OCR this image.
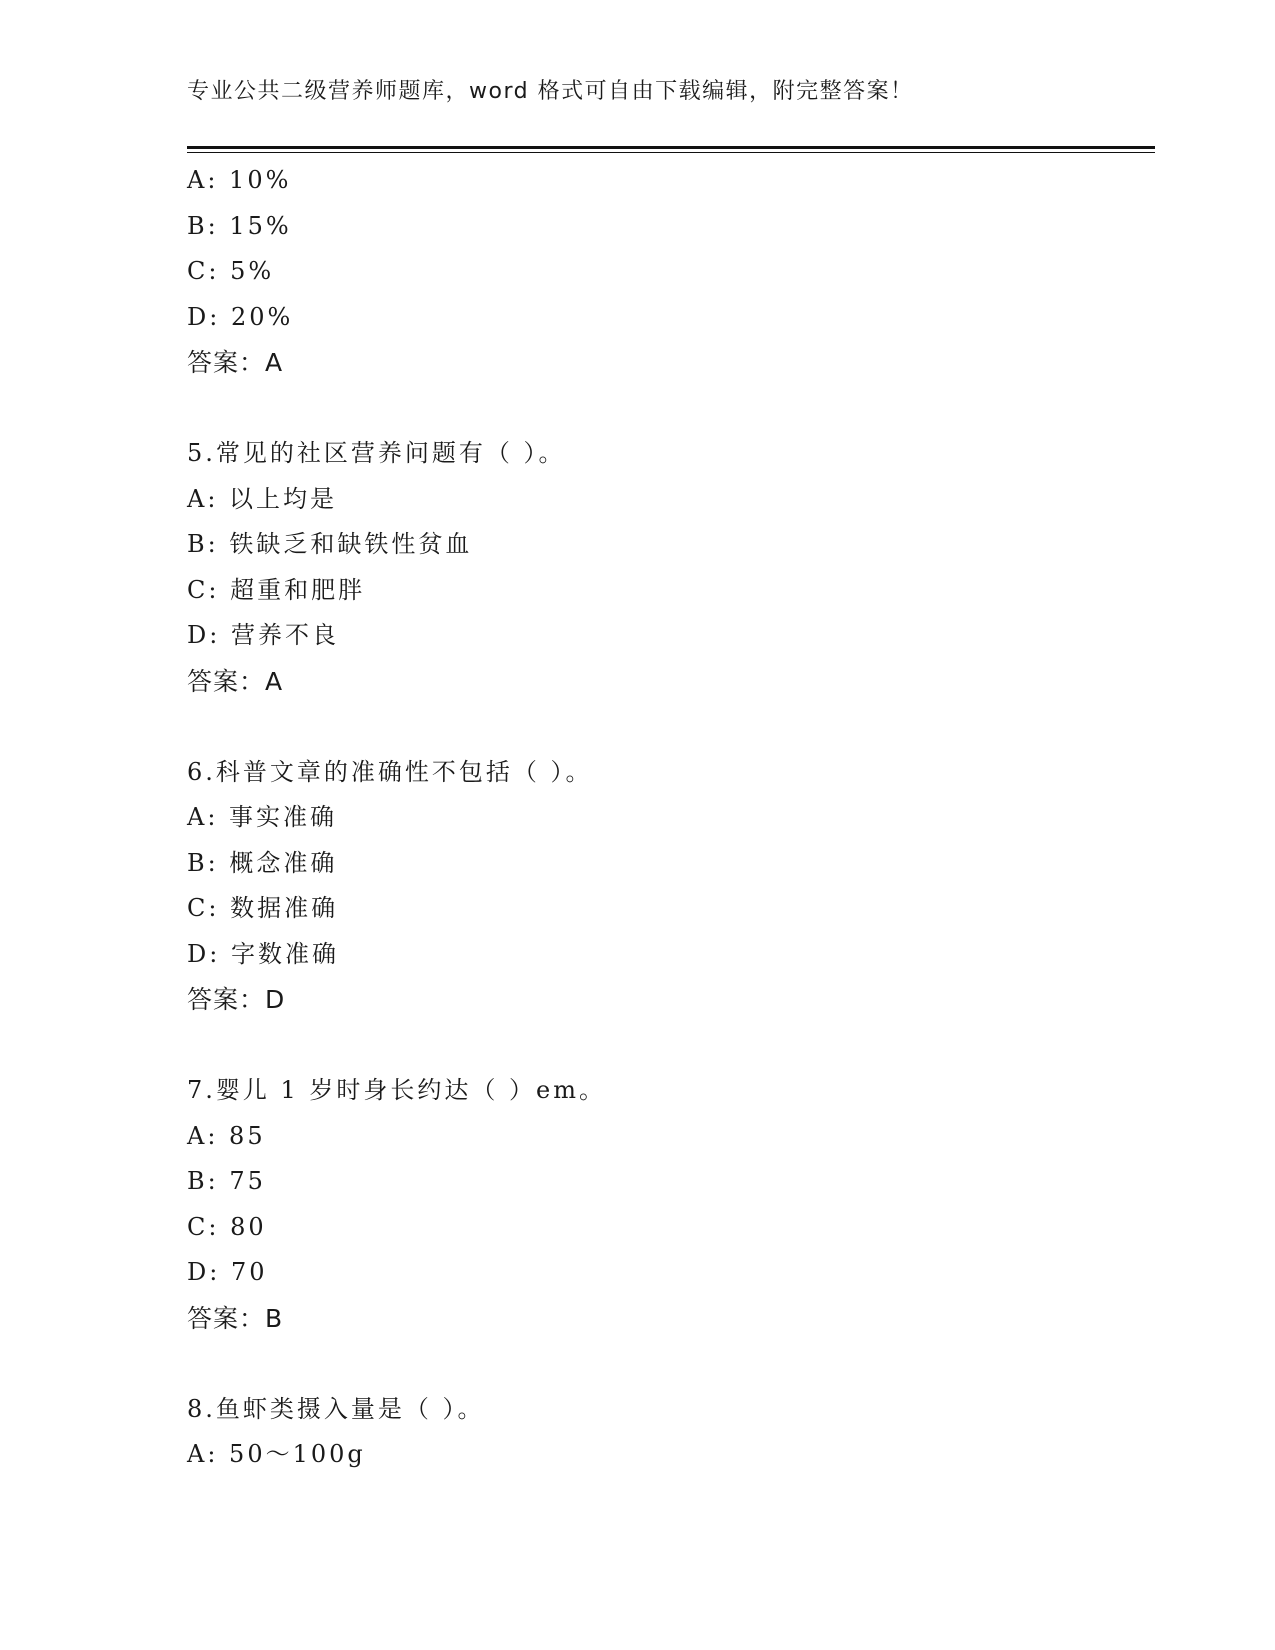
专业公共二级营养师题库，word 格式可自由下载编辑，附完整答案！
A: 10%
B: 15%
C: 5%
D: 20%
答案：A
5.常见的社区营养问题有（ ）。
A: 以上均是
B: 铁缺乏和缺铁性贫血
C: 超重和肥胖
D: 营养不良
答案：A
6.科普文章的准确性不包括（ ）。
A: 事实准确
B: 概念准确
C: 数据准确
D: 字数准确
答案：D
7.婴儿 1 岁时身长约达（ ）em。
A: 85
B: 75
C: 80
D: 70
答案：B
8.鱼虾类摄入量是（ ）。
A: 50～100g
